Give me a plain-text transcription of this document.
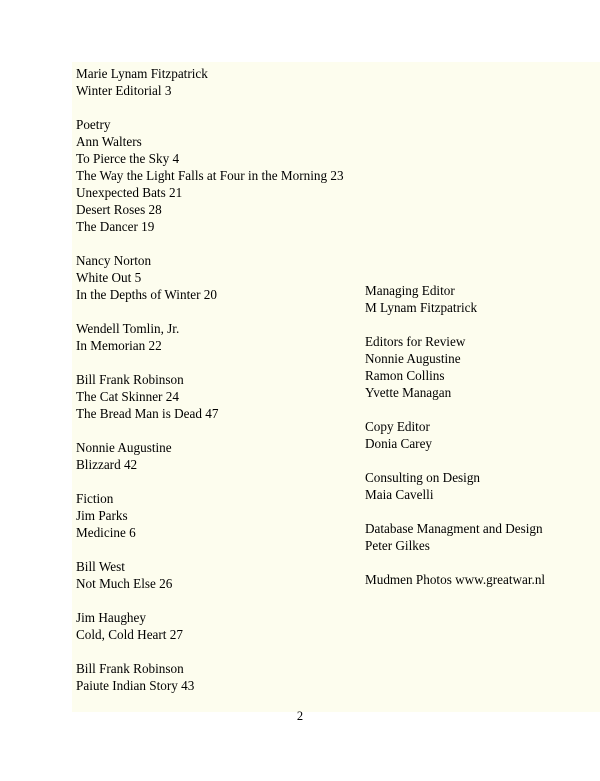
Marie Lynam Fitzpatrick
Winter Editorial 3
Poetry
Ann Walters
To Pierce the Sky 4
The Way the Light Falls at Four in the Morning 23
Unexpected Bats 21
Desert Roses 28
The Dancer 19
Nancy Norton
White Out 5
In the Depths of Winter 20
Wendell Tomlin, Jr.
In Memorian 22
Bill Frank Robinson
The Cat Skinner 24
The Bread Man is Dead 47
Nonnie Augustine
Blizzard 42
Fiction
Jim Parks
Medicine 6
Bill West
Not Much Else 26
Jim Haughey
Cold, Cold Heart 27
Bill Frank Robinson
Paiute Indian Story 43
Managing Editor
M Lynam Fitzpatrick
Editors for Review
Nonnie Augustine
Ramon Collins
Yvette Managan
Copy Editor
Donia Carey
Consulting on Design
Maia Cavelli
Database Managment and Design
Peter Gilkes
Mudmen Photos www.greatwar.nl
2
